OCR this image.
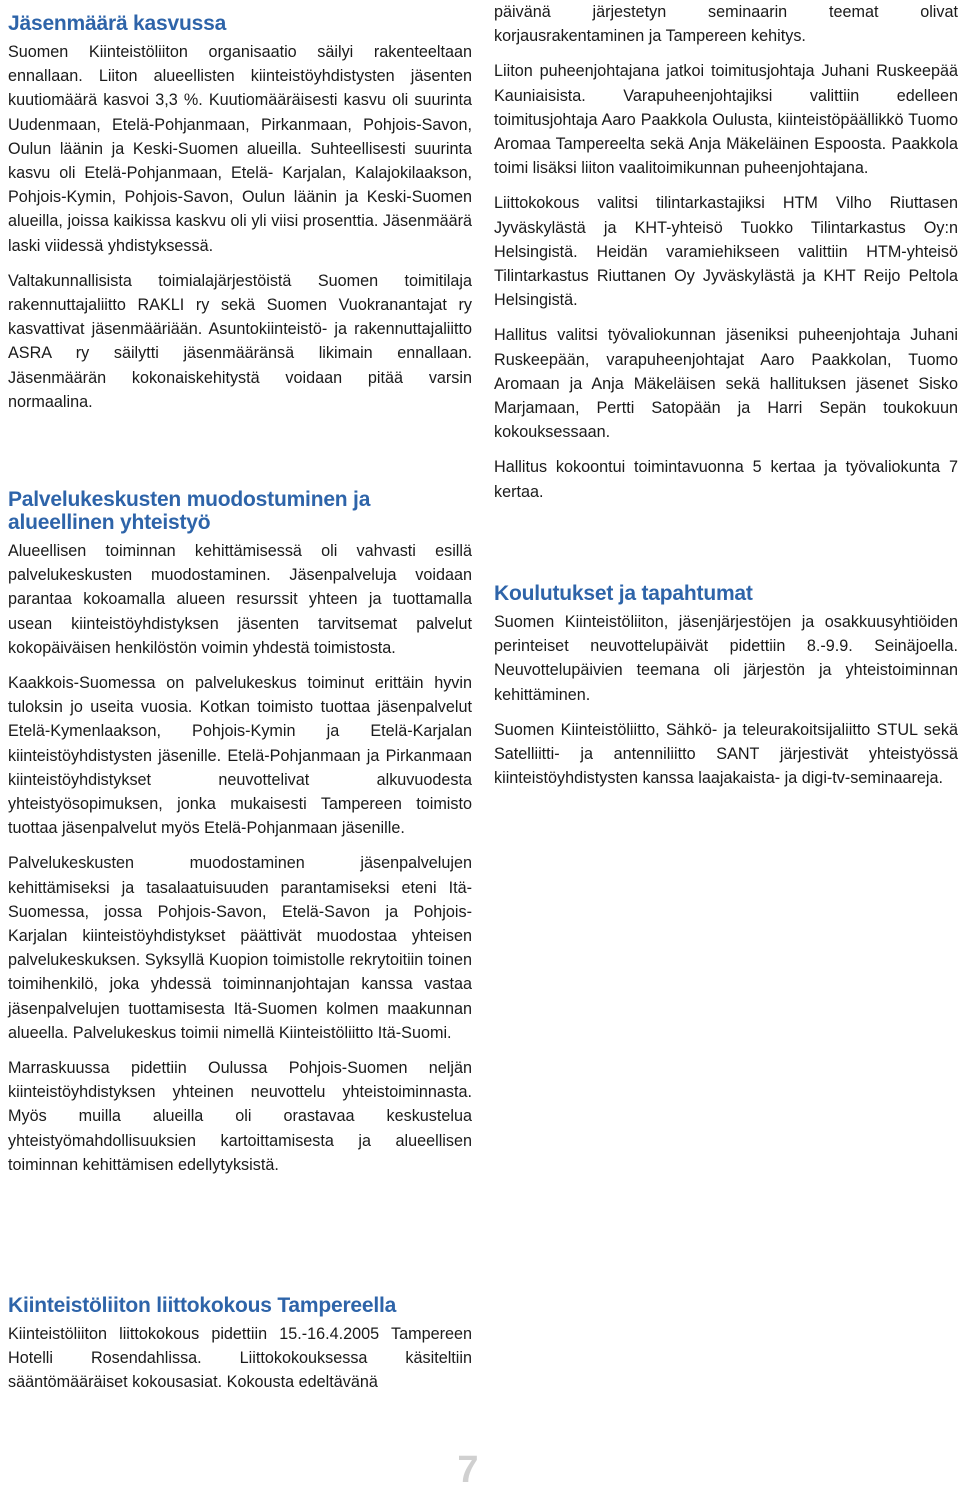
Jäsenmäärä kasvussa

Suomen Kiinteistöliiton organisaatio säilyi rakenteeltaan ennallaan. Liiton alueellisten kiinteistöyhdistysten jäsenten kuutiomäärä kasvoi 3,3 %. Kuutiomääräisesti kasvu oli suurinta Uudenmaan, Etelä-Pohjanmaan, Pirkanmaan, Pohjois-Savon, Oulun läänin ja Keski-Suomen alueilla. Suhteellisesti suurinta kasvu oli Etelä-Pohjanmaan, Etelä- Karjalan, Kalajokilaakson, Pohjois-Kymin, Pohjois-Savon, Oulun läänin ja Keski-Suomen alueilla, joissa kaikissa kaskvu oli yli viisi prosenttia. Jäsenmäärä laski viidessä yhdistyksessä.

Valtakunnallisista toimialajärjestöistä Suomen toimitilaja rakennuttajaliitto RAKLI ry sekä Suomen Vuokranantajat ry kasvattivat jäsenmääriään. Asuntokiinteistö- ja rakennuttajaliitto ASRA ry säilytti jäsenmääränsä likimain ennallaan. Jäsenmäärän kokonaiskehitystä voidaan pitää varsin normaalina.

Palvelukeskusten muodostuminen ja
alueellinen yhteistyö

Alueellisen toiminnan kehittämisessä oli vahvasti esillä palvelukeskusten muodostaminen. Jäsenpalveluja voidaan parantaa kokoamalla alueen resurssit yhteen ja tuottamalla usean kiinteistöyhdistyksen jäsenten tarvitsemat palvelut kokopäiväisen henkilöstön voimin yhdestä toimistosta.

Kaakkois-Suomessa on palvelukeskus toiminut erittäin hyvin tuloksin jo useita vuosia. Kotkan toimisto tuottaa jäsenpalvelut Etelä-Kymenlaakson, Pohjois-Kymin ja Etelä-Karjalan kiinteistöyhdistysten jäsenille. Etelä-Pohjanmaan ja Pirkanmaan kiinteistöyhdistykset neuvottelivat alkuvuodesta yhteistyösopimuksen, jonka mukaisesti Tampereen toimisto tuottaa jäsenpalvelut myös Etelä-Pohjanmaan jäsenille.

Palvelukeskusten muodostaminen jäsenpalvelujen kehittämiseksi ja tasalaatuisuuden parantamiseksi eteni Itä-Suomessa, jossa Pohjois-Savon, Etelä-Savon ja Pohjois-Karjalan kiinteistöyhdistykset päättivät muodostaa yhteisen palvelukeskuksen. Syksyllä Kuopion toimistolle rekrytoitiin toinen toimihenkilö, joka yhdessä toiminnanjohtajan kanssa vastaa jäsenpalvelujen tuottamisesta Itä-Suomen kolmen maakunnan alueella. Palvelukeskus toimii nimellä Kiinteistöliitto Itä-Suomi.

Marraskuussa pidettiin Oulussa Pohjois-Suomen neljän kiinteistöyhdistyksen yhteinen neuvottelu yhteistoiminnasta. Myös muilla alueilla oli orastavaa keskustelua yhteistyömahdollisuuksien kartoittamisesta ja alueellisen toiminnan kehittämisen edellytyksistä.

Kiinteistöliiton liittokokous Tampereella

Kiinteistöliiton liittokokous pidettiin 15.-16.4.2005 Tampereen Hotelli Rosendahlissa. Liittokokouksessa käsiteltiin sääntömääräiset kokousasiat. Kokousta edeltävänä

päivänä järjestetyn seminaarin teemat olivat korjausrakentaminen ja Tampereen kehitys.

Liiton puheenjohtajana jatkoi toimitusjohtaja Juhani Ruskeepää Kauniaisista. Varapuheenjohtajiksi valittiin edelleen toimitusjohtaja Aaro Paakkola Oulusta, kiinteistöpäällikkö Tuomo Aromaa Tampereelta sekä Anja Mäkeläinen Espoosta. Paakkola toimi lisäksi liiton vaalitoimikunnan puheenjohtajana.

Liittokokous valitsi tilintarkastajiksi HTM Vilho Riuttasen Jyväskylästä ja KHT-yhteisö Tuokko Tilintarkastus Oy:n Helsingistä. Heidän varamiehikseen valittiin HTM-yhteisö Tilintarkastus Riuttanen Oy Jyväskylästä ja KHT Reijo Peltola Helsingistä.

Hallitus valitsi työvaliokunnan jäseniksi puheenjohtaja Juhani Ruskeepään, varapuheenjohtajat Aaro Paakkolan, Tuomo Aromaan ja Anja Mäkeläisen sekä hallituksen jäsenet Sisko Marjamaan, Pertti Satopään ja Harri Sepän toukokuun kokouksessaan.

Hallitus kokoontui toimintavuonna 5 kertaa ja työvaliokunta 7 kertaa.

Koulutukset ja tapahtumat

Suomen Kiinteistöliiton, jäsenjärjestöjen ja osakkuusyhtiöiden perinteiset neuvottelupäivät pidettiin 8.-9.9. Seinäjoella. Neuvottelupäivien teemana oli järjestön ja yhteistoiminnan kehittäminen.

Suomen Kiinteistöliitto, Sähkö- ja teleurakoitsijaliitto STUL sekä Satelliitti- ja antenniliitto SANT järjestivät yhteistyössä kiinteistöyhdistysten kanssa laajakaista- ja digi-tv-seminaareja.

7
